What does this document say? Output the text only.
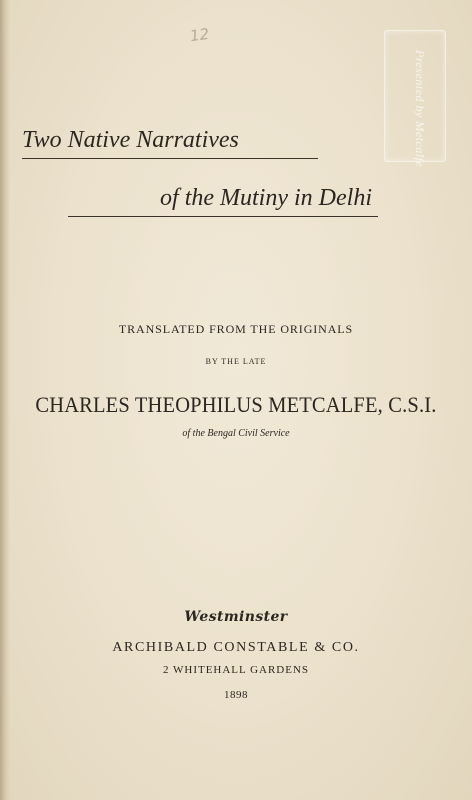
12
Presented by Metcalfe
Two Native Narratives
of the Mutiny in Delhi
TRANSLATED FROM THE ORIGINALS
BY THE LATE
CHARLES THEOPHILUS METCALFE, C.S.I.
of the Bengal Civil Service
Westminster
ARCHIBALD CONSTABLE & CO.
2 WHITEHALL GARDENS
1898
